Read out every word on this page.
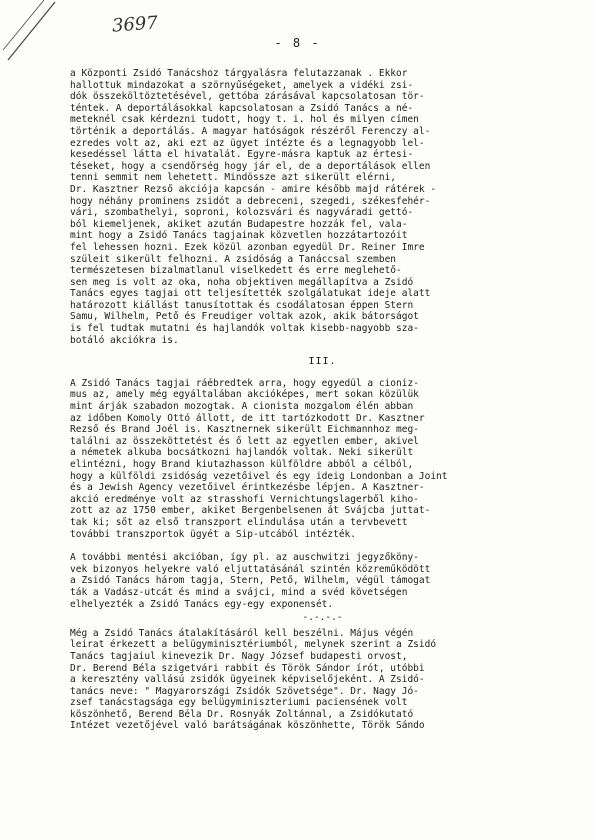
3697
- 8 -
a Központi Zsidó Tanácshoz tárgyalásra felutazzanak . Ekkor
hallottuk mindazokat a szörnyűségeket, amelyek a vidéki zsi-
dók összeköltöztetésével, gettóba zárásával kapcsolatosan tör-
téntek. A deportálásokkal kapcsolatosan a Zsidó Tanács a né-
meteknél csak kérdezni tudott, hogy t. i. hol és milyen címen
történik a deportálás. A magyar hatóságok részéről Ferenczy al-
ezredes volt az, aki ezt az ügyet intézte és a legnagyobb lel-
kesedéssel látta el hivatalát. Egyre-másra kaptuk az értesi-
téseket, hogy a csendőrség hogy jár el, de a deportálások ellen
tenni semmit nem lehetett. Mindössze azt sikerült elérni,
Dr. Kasztner Rezső akciója kapcsán - amire később majd rátérek -
hogy néhány prominens zsidót a debreceni, szegedi, székesfehér-
vári, szombathelyi, soproni, kolozsvári és nagyváradi gettó-
ból kiemeljenek, akiket azután Budapestre hozzák fel, vala-
mint hogy a Zsidó Tanács tagjainak közvetlen hozzátartozóit
fel lehessen hozni. Ezek közül azonban egyedül Dr. Reiner Imre
szüleit sikerült felhozni. A zsidóság a Tanáccsal szemben
természetesen bizalmatlanul viselkedett és erre meglehető-
sen meg is volt az oka, noha objektiven megállapítva a Zsidó
Tanács egyes tagjai ott teljesítették szolgálatukat ideje alatt
határozott kiállást tanusítottak és csodálatosan éppen Stern
Samu, Wilhelm, Pető és Freudiger voltak azok, akik bátorságot
is fel tudtak mutatni és hajlandók voltak kisebb-nagyobb sza-
botáló akciókra is.
III.
A Zsidó Tanács tagjai ráébredtek arra, hogy egyedül a cioniz-
mus az, amely még egyáltalában akcióképes, mert sokan közülük
mint árják szabadon mozogtak. A cionista mozgalom élén abban
az időben Komoly Ottó állott, de itt tartózkodott Dr. Kasztner
Rezső és Brand Joél is. Kasztnernek sikerült Eichmannhoz meg-
találni az összeköttetést és ő lett az egyetlen ember, akivel
a németek alkuba bocsátkozni hajlandók voltak. Neki sikerült
elintézni, hogy Brand kiutazhasson külföldre abból a célból,
hogy a külföldi zsidóság vezetőivel és egy ideig Londonban a Joint
és a Jewish Agency vezetőivel érintkezésbe lépjen. A Kasztner-
akció eredménye volt az strasshofi Vernichtungslagerből kiho-
zott az az 1750 ember, akiket Bergenbelsenen át Svájcba juttat-
tak ki; sőt az első transzport elindulása után a tervbevett
további transzportok ügyét a Sip-utcából intézték.
A további mentési akcióban, így pl. az auschwitzi jegyzőköny-
vek bizonyos helyekre való eljuttatásánál szintén közreműködött
a Zsidó Tanács három tagja, Stern, Pető, Wilhelm, végül támogat
ták a Vadász-utcát és mind a svájci, mind a svéd követségen
elhelyezték a Zsidó Tanács egy-egy exponensét.
-.-.-.-
Még a Zsidó Tanács átalakításáról kell beszélni. Május végén
leirat érkezett a belügyminisztériumból, melynek szerint a Zsidó
Tanács tagjaiul kinevezik Dr. Nagy József budapesti orvost,
Dr. Berend Béla szigetvári rabbit és Török Sándor írót, utóbbi
a keresztény vallású zsidók ügyeinek képviselőjeként. A Zsidó-
tanács neve: " Magyarországi Zsidók Szövetsége". Dr. Nagy Jó-
zsef tanácstagsága egy belügyminiszteriumi paciensének volt
köszönhető, Berend Béla Dr. Rosnyák Zoltánnal, a Zsidókutató
Intézet vezetőjével való barátságának köszönhette, Török Sándo
